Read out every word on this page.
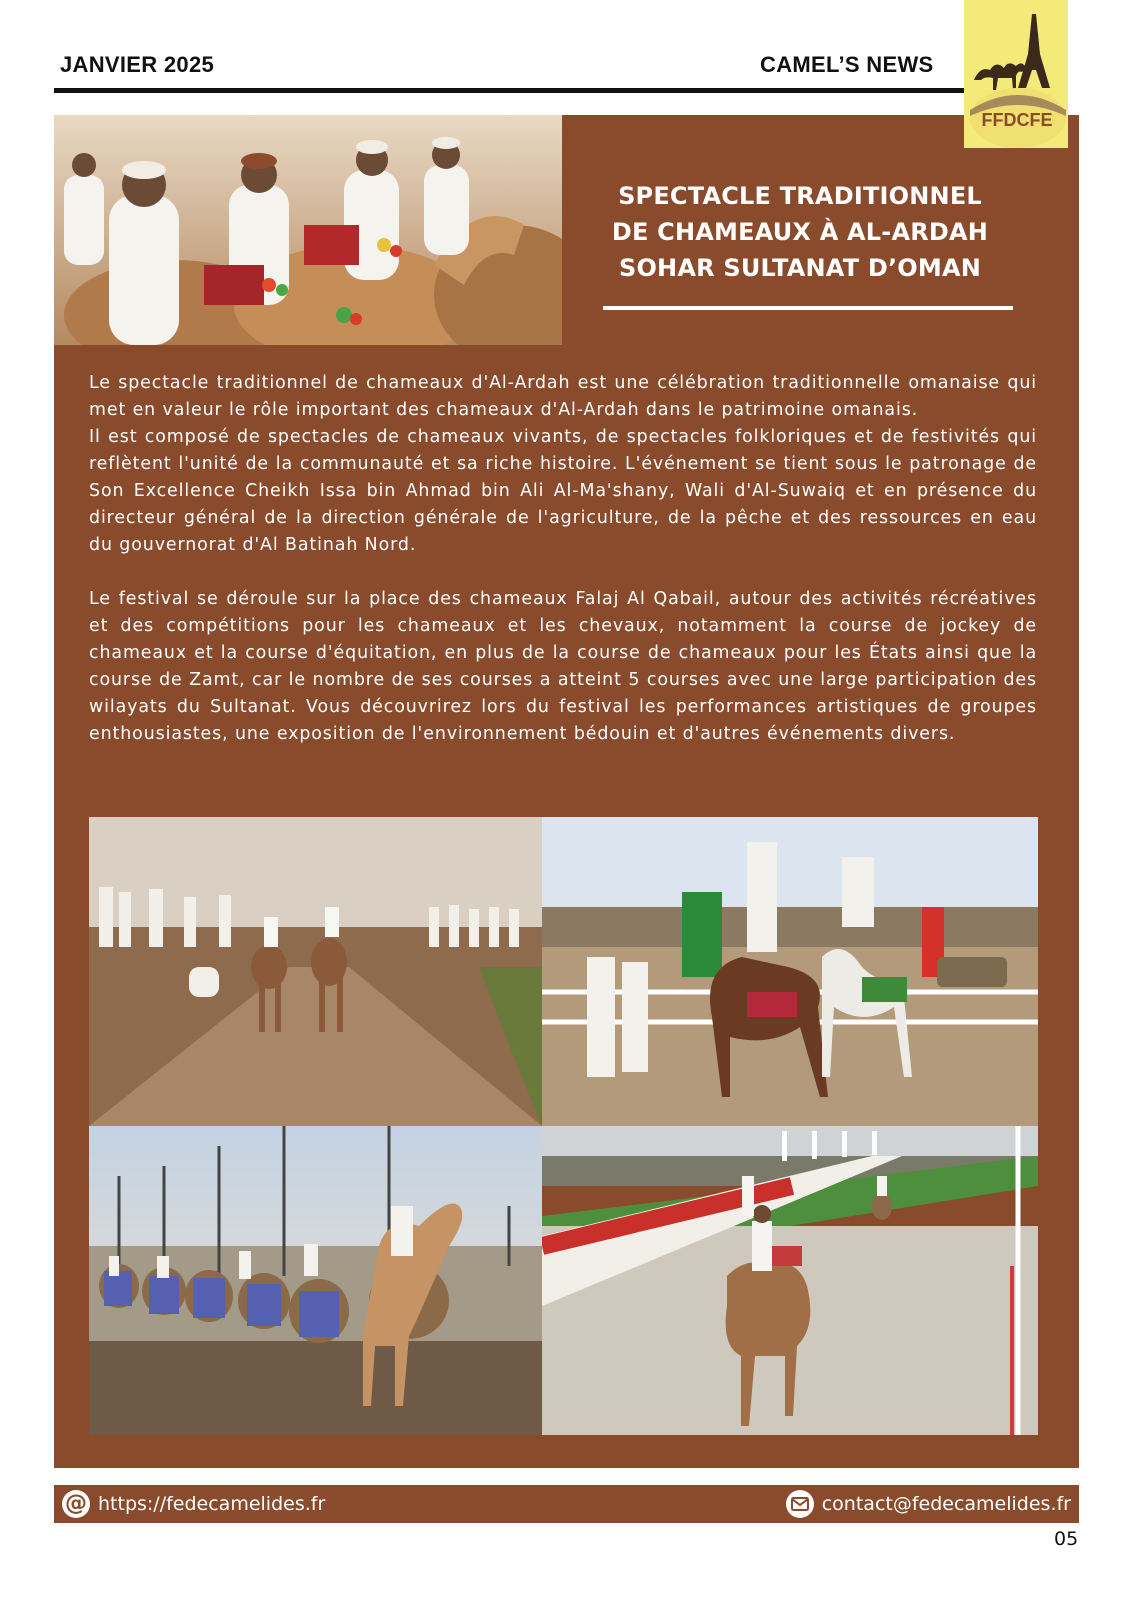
JANVIER 2025	CAMEL’S NEWS
SPECTACLE TRADITIONNEL
DE CHAMEAUX À AL-ARDAH
SOHAR SULTANAT D’OMAN
FFDCFE

Le spectacle traditionnel de chameaux d'Al-Ardah est une célébration traditionnelle omanaise qui met en valeur le rôle important des chameaux d'Al-Ardah dans le patrimoine omanais.

Il est composé de spectacles de chameaux vivants, de spectacles folkloriques et de festivités qui reflètent l'unité de la communauté et sa riche histoire. L'événement se tient sous le patronage de Son Excellence Cheikh Issa bin Ahmad bin Ali Al-Ma'shany, Wali d'Al-Suwaiq et en présence du directeur général de la direction générale de l'agriculture, de la pêche et des ressources en eau du gouvernorat d'Al Batinah Nord.

Le festival se déroule sur la place des chameaux Falaj Al Qabail, autour des activités récréatives et des compétitions pour les chameaux et les chevaux, notamment la course de jockey de chameaux et la course d'équitation, en plus de la course de chameaux pour les États ainsi que la course de Zamt, car le nombre de ses courses a atteint 5 courses avec une large participation des wilayats du Sultanat. Vous découvrirez lors du festival les performances artistiques de groupes enthousiastes, une exposition de l'environnement bédouin et d'autres événements divers.

@ https://fedecamelides.fr	contact@fedecamelides.fr
05
